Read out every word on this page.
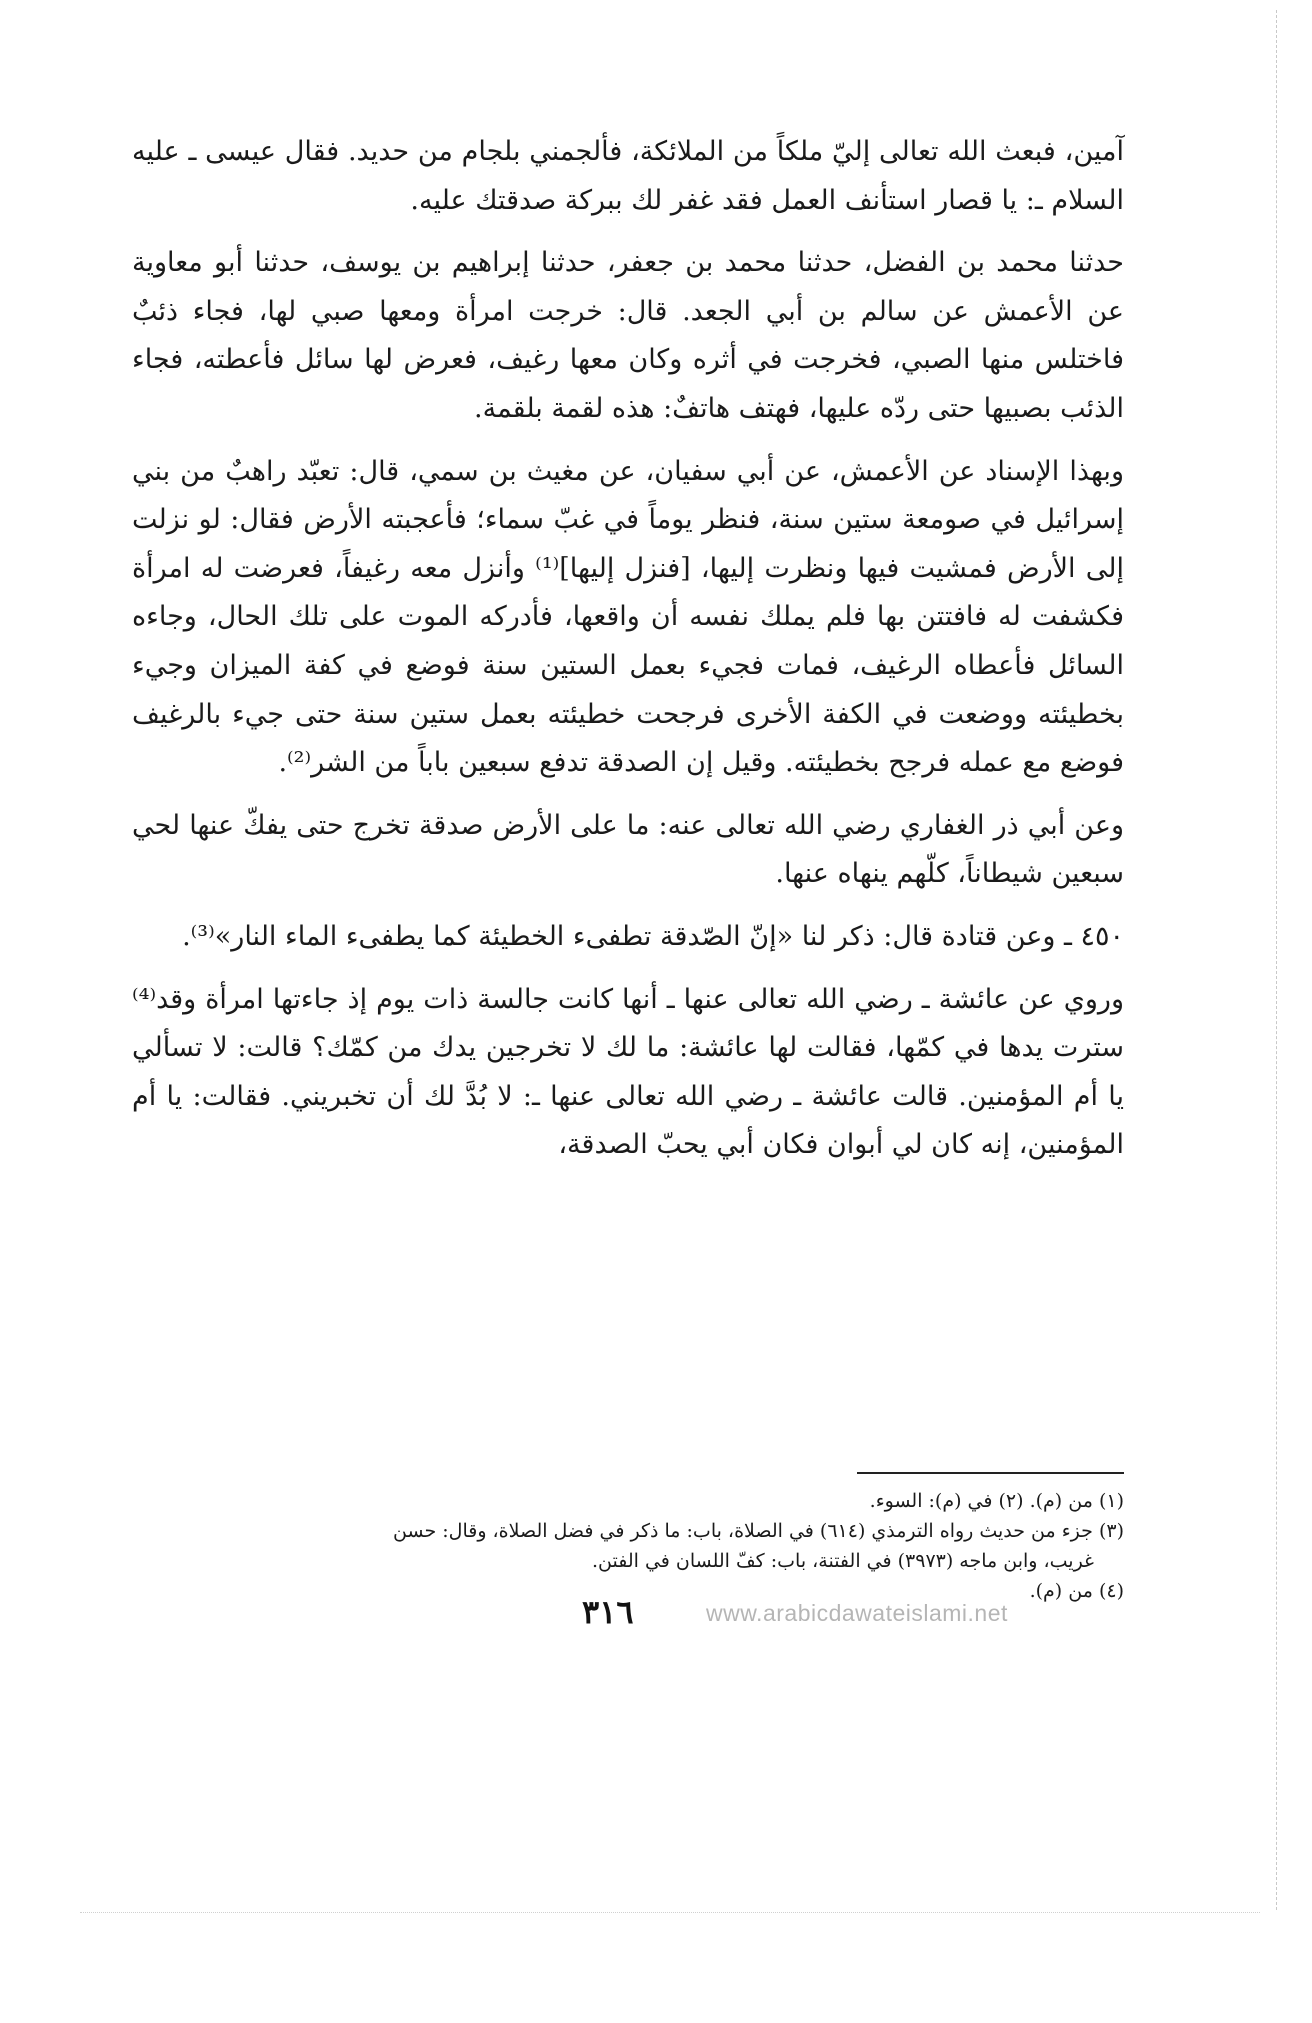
آمين، فبعث الله تعالى إليّ ملكاً من الملائكة، فألجمني بلجام من حديد. فقال عيسى ـ عليه السلام ـ: يا قصار استأنف العمل فقد غفر لك ببركة صدقتك عليه.

حدثنا محمد بن الفضل، حدثنا محمد بن جعفر، حدثنا إبراهيم بن يوسف، حدثنا أبو معاوية عن الأعمش عن سالم بن أبي الجعد. قال: خرجت امرأة ومعها صبي لها، فجاء ذئبٌ فاختلس منها الصبي، فخرجت في أثره وكان معها رغيف، فعرض لها سائل فأعطته، فجاء الذئب بصبيها حتى ردّه عليها، فهتف هاتفٌ: هذه لقمة بلقمة.

وبهذا الإسناد عن الأعمش، عن أبي سفيان، عن مغيث بن سمي، قال: تعبّد راهبٌ من بني إسرائيل في صومعة ستين سنة، فنظر يوماً في غبّ سماء؛ فأعجبته الأرض فقال: لو نزلت إلى الأرض فمشيت فيها ونظرت إليها، [فنزل إليها]⁽¹⁾ وأنزل معه رغيفاً، فعرضت له امرأة فكشفت له فافتتن بها فلم يملك نفسه أن واقعها، فأدركه الموت على تلك الحال، وجاءه السائل فأعطاه الرغيف، فمات فجيء بعمل الستين سنة فوضع في كفة الميزان وجيء بخطيئته ووضعت في الكفة الأخرى فرجحت خطيئته بعمل ستين سنة حتى جيء بالرغيف فوضع مع عمله فرجح بخطيئته. وقيل إن الصدقة تدفع سبعين باباً من الشر⁽²⁾.

وعن أبي ذر الغفاري رضي الله تعالى عنه: ما على الأرض صدقة تخرج حتى يفكّ عنها لحي سبعين شيطاناً، كلّهم ينهاه عنها.

٤٥٠ ـ وعن قتادة قال: ذكر لنا «إنّ الصّدقة تطفىء الخطيئة كما يطفىء الماء النار»⁽³⁾.

وروي عن عائشة ـ رضي الله تعالى عنها ـ أنها كانت جالسة ذات يوم إذ جاءتها امرأة وقد⁽⁴⁾ سترت يدها في كمّها، فقالت لها عائشة: ما لك لا تخرجين يدك من كمّك؟ قالت: لا تسألي يا أم المؤمنين. قالت عائشة ـ رضي الله تعالى عنها ـ: لا بُدَّ لك أن تخبريني. فقالت: يا أم المؤمنين، إنه كان لي أبوان فكان أبي يحبّ الصدقة،

(١) من (م). (٢) في (م): السوء.

(٣) جزء من حديث رواه الترمذي (٦١٤) في الصلاة، باب: ما ذكر في فضل الصلاة، وقال: حسن

غريب، وابن ماجه (٣٩٧٣) في الفتنة، باب: كفّ اللسان في الفتن.

(٤) من (م).

٣١٦	www.arabicdawateislami.net
